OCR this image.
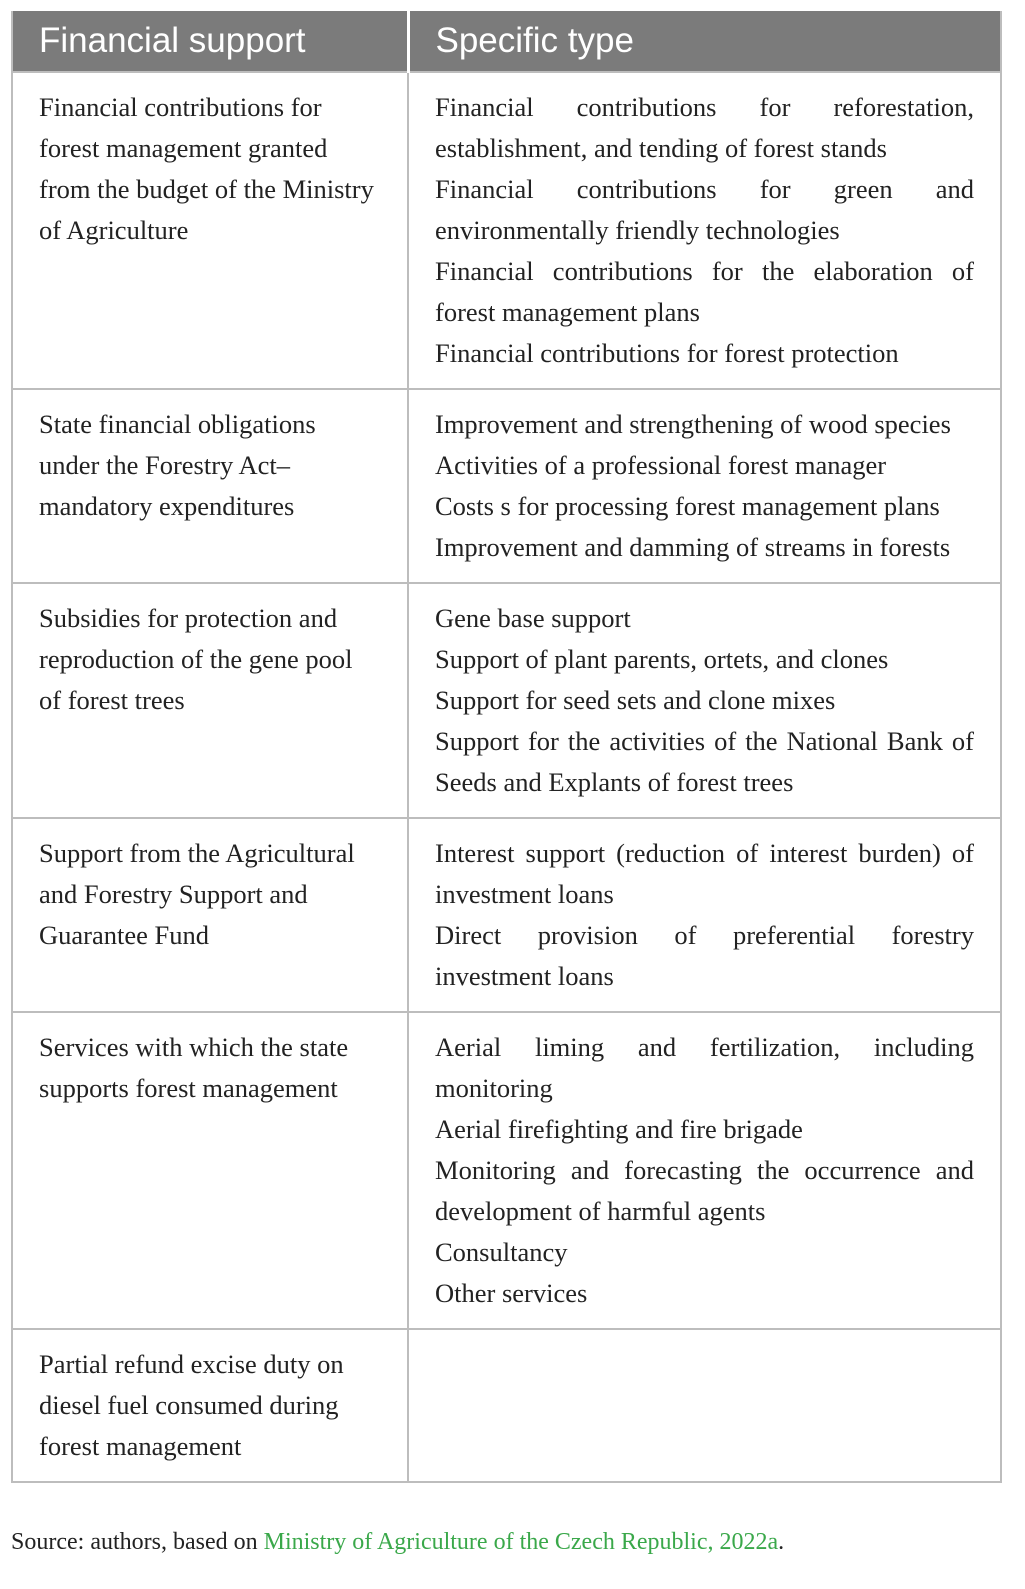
Financial support	Specific type
Financial contributions for forest management granted from the budget of the Ministry of Agriculture	Financial contributions for reforestation, establishment, and tending of forest stands
Financial contributions for green and environmentally friendly technologies
Financial contributions for the elaboration of forest management plans
Financial contributions for forest protection

State financial obligations under the Forestry Act–mandatory expenditures	Improvement and strengthening of wood species
Activities of a professional forest manager
Costs s for processing forest management plans
Improvement and damming of streams in forests

Subsidies for protection and reproduction of the gene pool of forest trees	Gene base support
Support of plant parents, ortets, and clones
Support for seed sets and clone mixes
Support for the activities of the National Bank of Seeds and Explants of forest trees

Support from the Agricultural and Forestry Support and Guarantee Fund	Interest support (reduction of interest burden) of investment loans
Direct provision of preferential forestry investment loans

Services with which the state supports forest management	Aerial liming and fertilization, including monitoring
Aerial firefighting and fire brigade
Monitoring and forecasting the occurrence and development of harmful agents
Consultancy
Other services

Partial refund excise duty on diesel fuel consumed during forest management	
Source: authors, based on Ministry of Agriculture of the Czech Republic, 2022a.
